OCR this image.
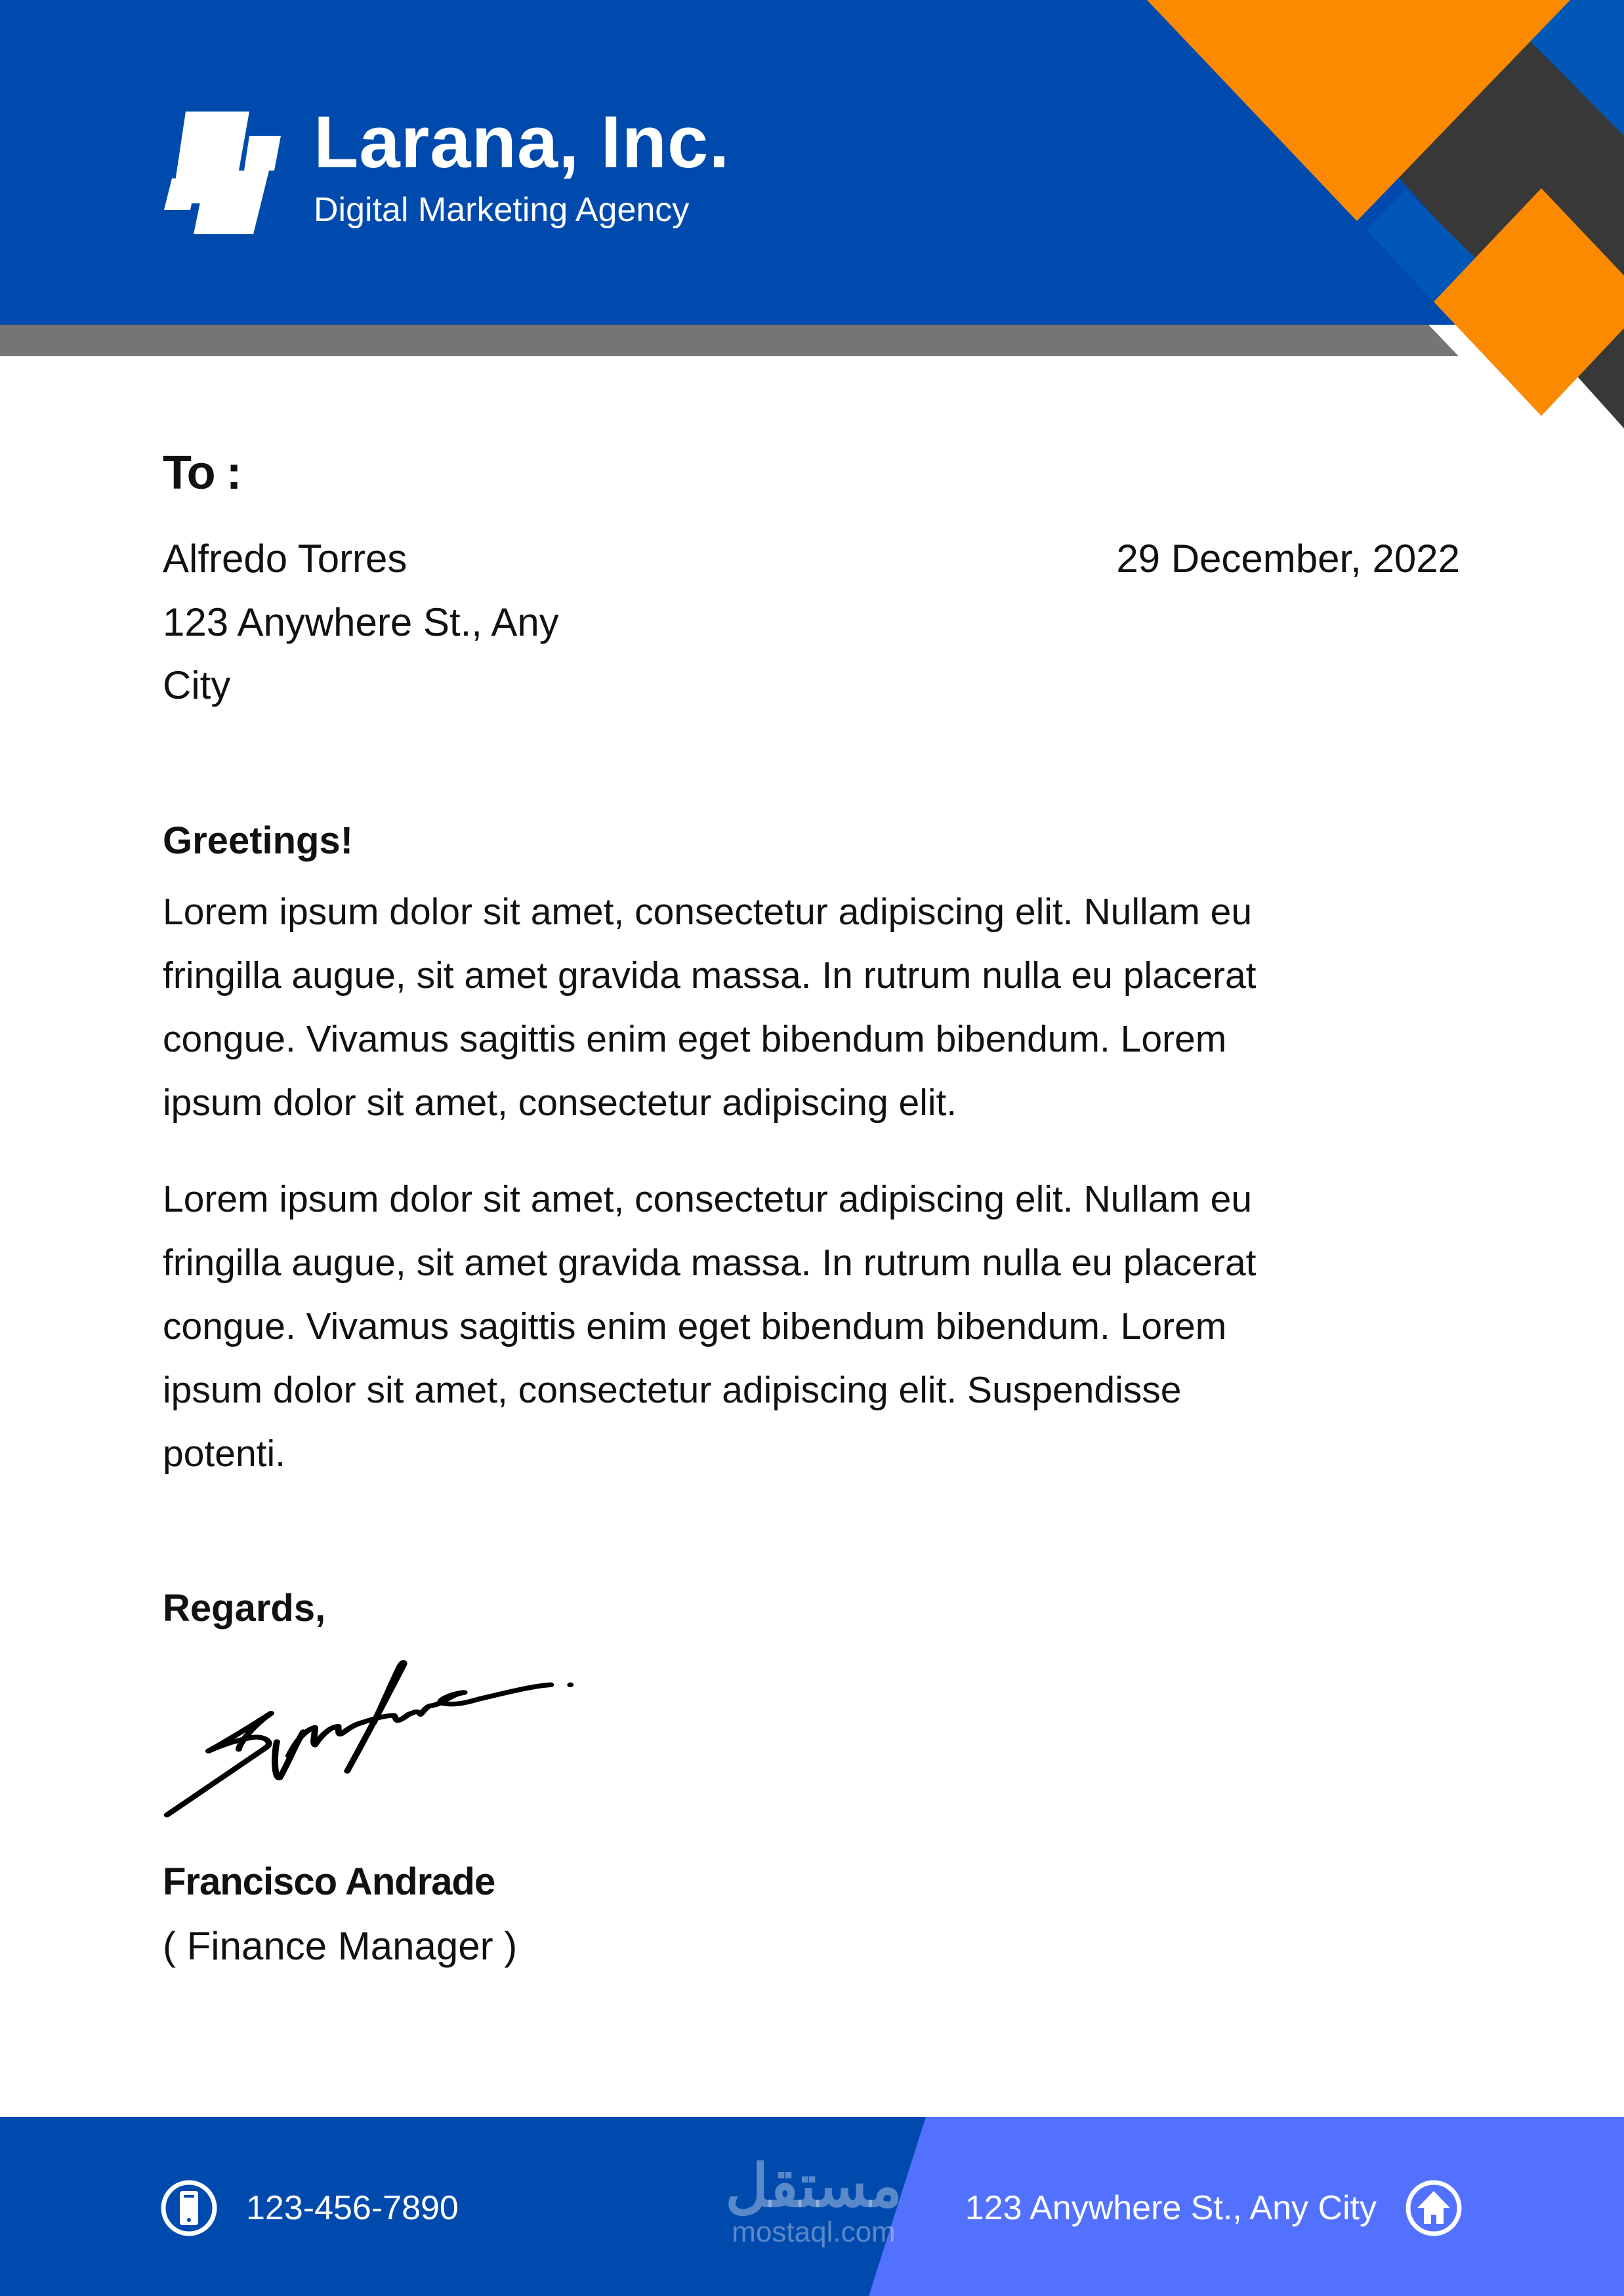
Larana, Inc.
Digital Marketing Agency
To :
Alfredo Torres
123 Anywhere St., Any
City
29 December, 2022
Greetings!
Lorem ipsum dolor sit amet, consectetur adipiscing elit. Nullam eu
fringilla augue, sit amet gravida massa. In rutrum nulla eu placerat
congue. Vivamus sagittis enim eget bibendum bibendum. Lorem
ipsum dolor sit amet, consectetur adipiscing elit.
Lorem ipsum dolor sit amet, consectetur adipiscing elit. Nullam eu
fringilla augue, sit amet gravida massa. In rutrum nulla eu placerat
congue. Vivamus sagittis enim eget bibendum bibendum. Lorem
ipsum dolor sit amet, consectetur adipiscing elit. Suspendisse
potenti.
Regards,
Francisco Andrade
( Finance Manager )
123-456-7890	123 Anywhere St., Any City
مستقل
mostaql.com
